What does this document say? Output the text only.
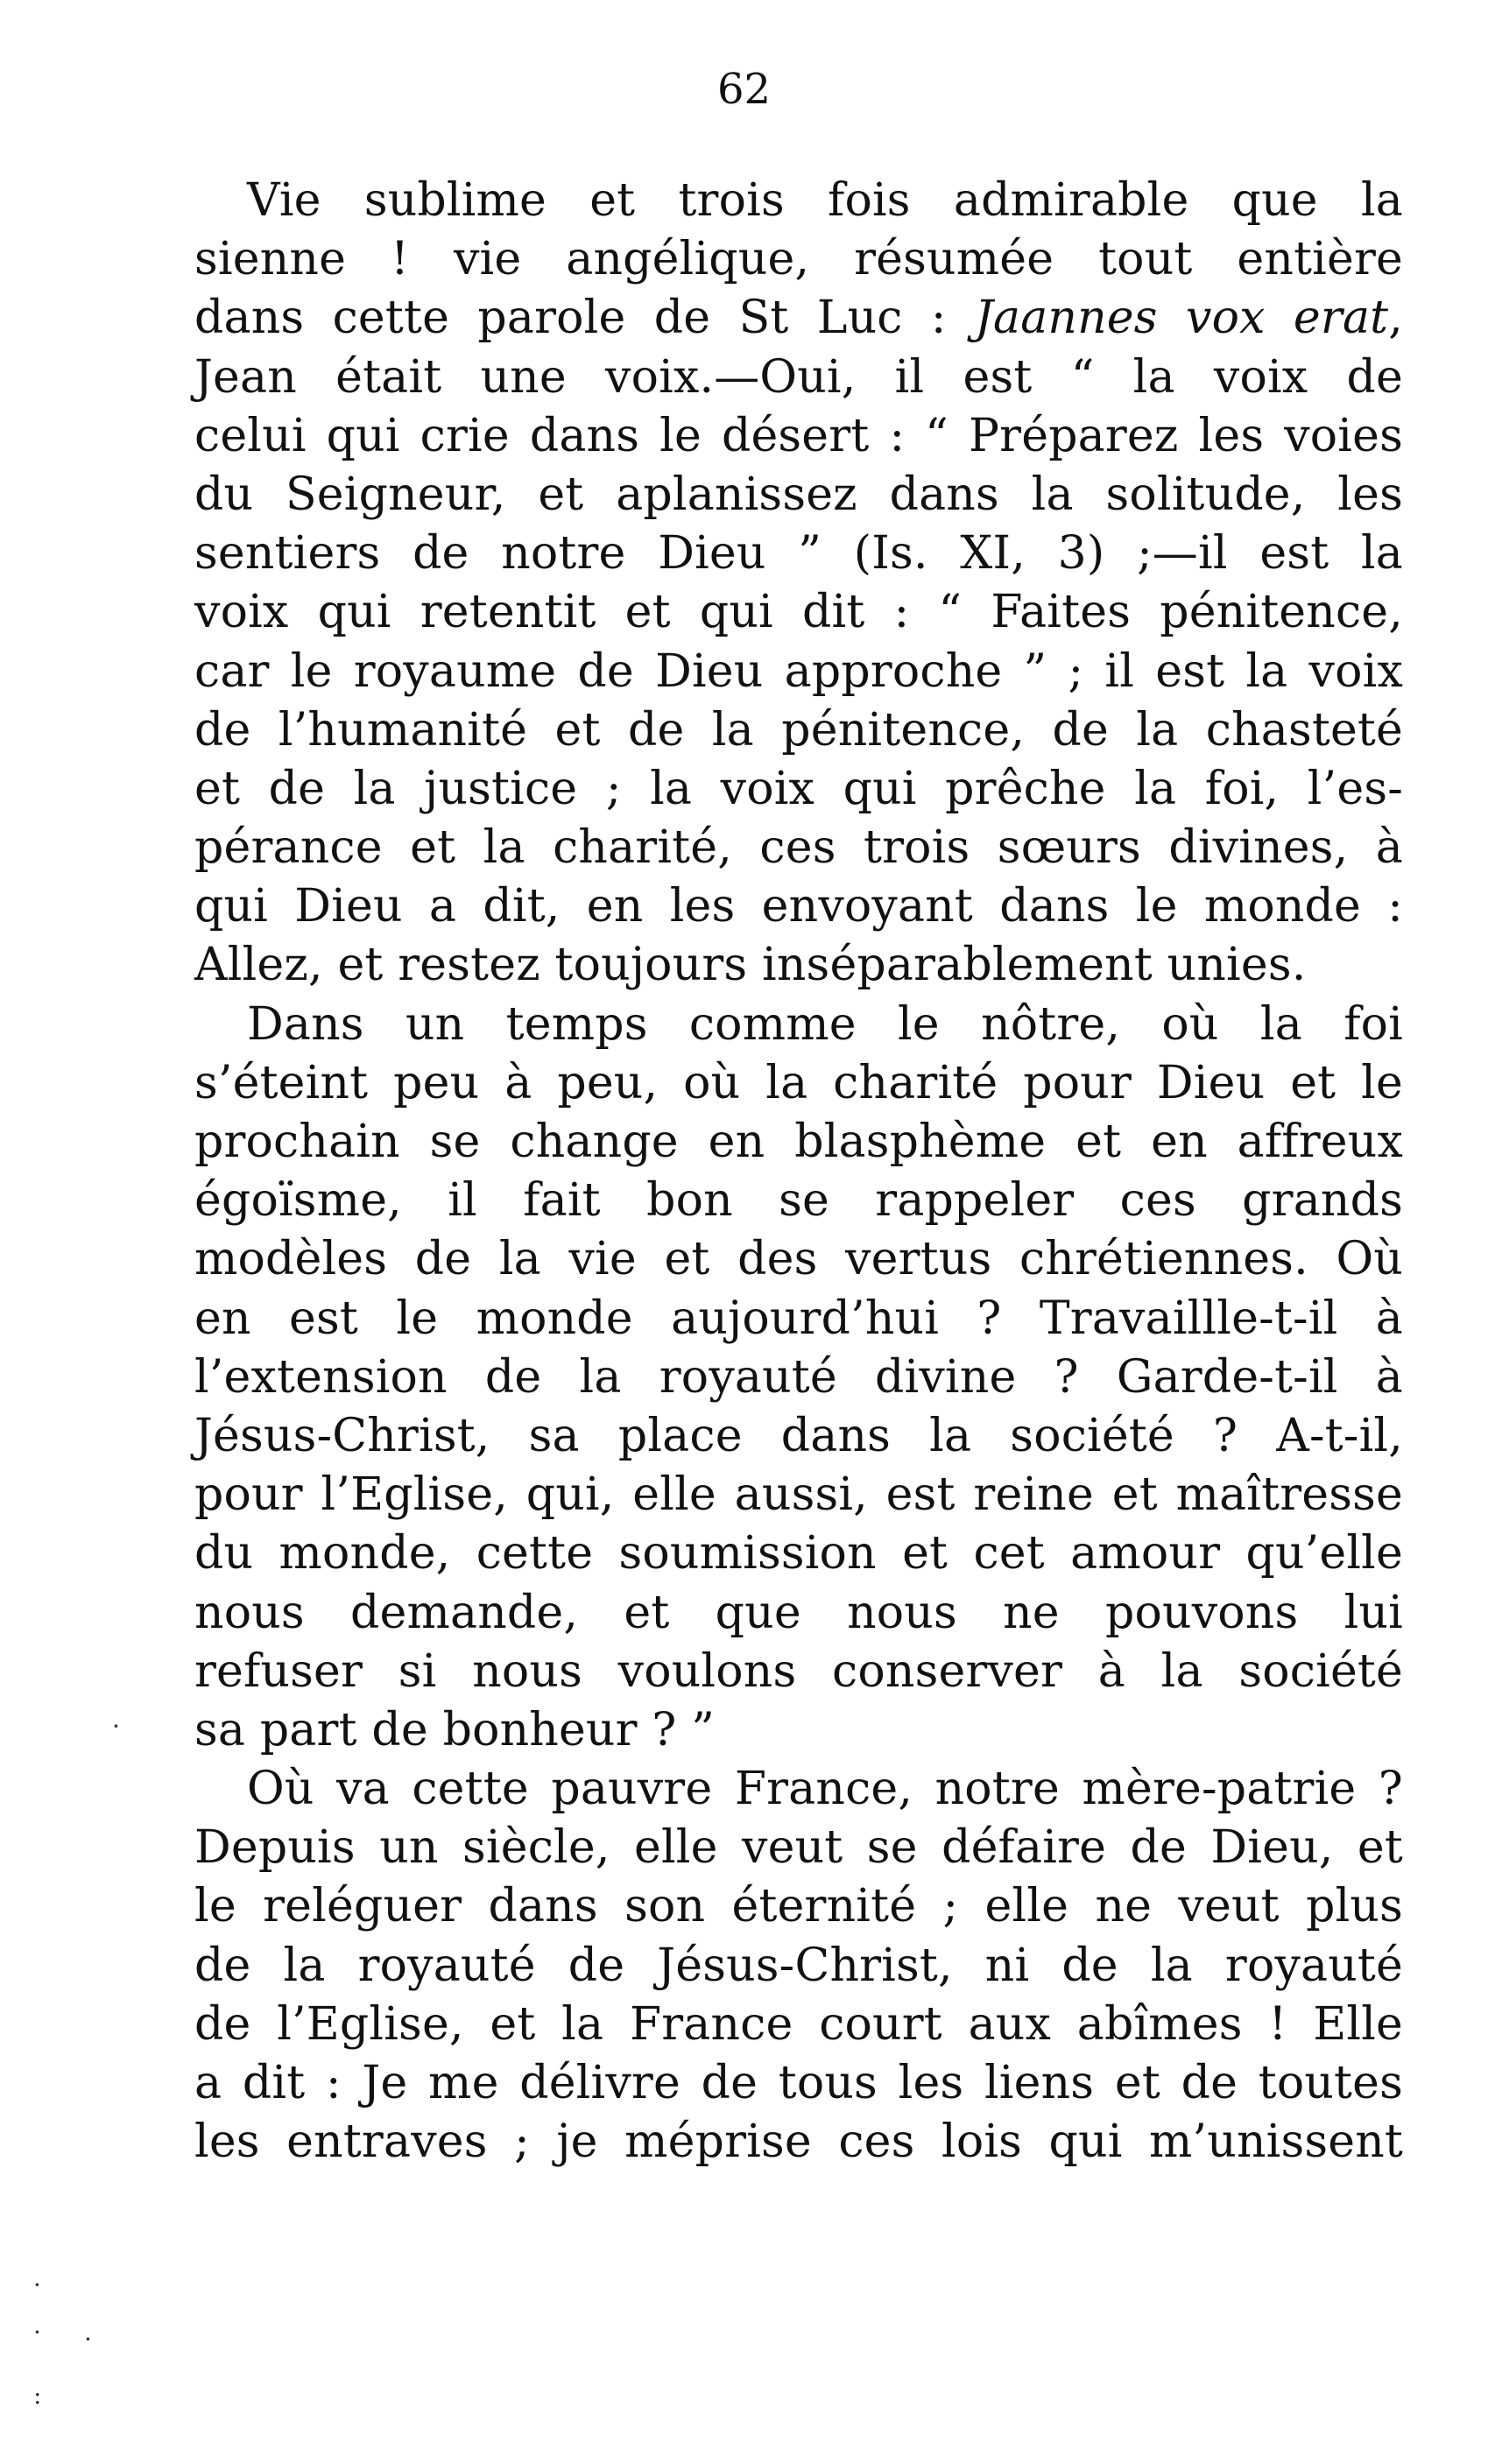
62
Vie sublime et trois fois admirable que la
sienne ! vie angélique, résumée tout entière
dans cette parole de St Luc : Jaannes vox erat,
Jean était une voix.—Oui, il est “ la voix de
celui qui crie dans le désert : “ Préparez les voies
du Seigneur, et aplanissez dans la solitude, les
sentiers de notre Dieu ” (Is. XI, 3) ;—il est la
voix qui retentit et qui dit : “ Faites pénitence,
car le royaume de Dieu approche ” ; il est la voix
de l’humanité et de la pénitence, de la chasteté
et de la justice ; la voix qui prêche la foi, l’es-
pérance et la charité, ces trois sœurs divines, à
qui Dieu a dit, en les envoyant dans le monde :
Allez, et restez toujours inséparablement unies.
Dans un temps comme le nôtre, où la foi
s’éteint peu à peu, où la charité pour Dieu et le
prochain se change en blasphème et en affreux
égoïsme, il fait bon se rappeler ces grands
modèles de la vie et des vertus chrétiennes. Où
en est le monde aujourd’hui ? Travaillle-t-il à
l’extension de la royauté divine ? Garde-t-il à
Jésus-Christ, sa place dans la société ? A-t-il,
pour l’Eglise, qui, elle aussi, est reine et maîtresse
du monde, cette soumission et cet amour qu’elle
nous demande, et que nous ne pouvons lui
refuser si nous voulons conserver à la société
sa part de bonheur ? ”
Où va cette pauvre France, notre mère-patrie ?
Depuis un siècle, elle veut se défaire de Dieu, et
le reléguer dans son éternité ; elle ne veut plus
de la royauté de Jésus-Christ, ni de la royauté
de l’Eglise, et la France court aux abîmes ! Elle
a dit : Je me délivre de tous les liens et de toutes
les entraves ; je méprise ces lois qui m’unissent
·
·
· ·
:
